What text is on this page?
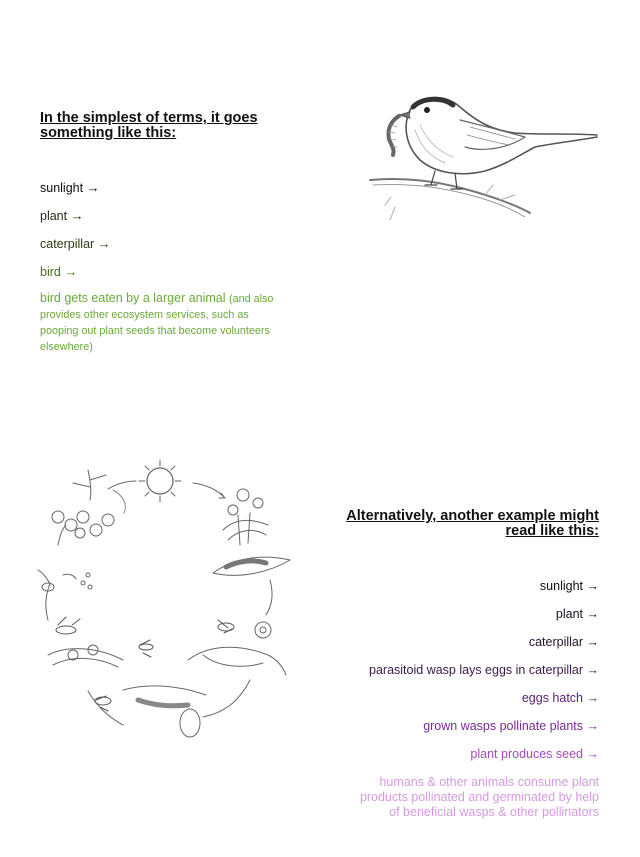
In the simplest of terms, it goes something like this:
sunlight →
plant →
caterpillar →
bird →
bird gets eaten by a larger animal (and also provides other ecosystem services, such as pooping out plant seeds that become volunteers elsewhere)
Alternatively, another example might read like this:
sunlight →
plant →
caterpillar →
parasitoid wasp lays eggs in caterpillar →
eggs hatch →
grown wasps pollinate plants →
plant produces seed →
humans & other animals consume plant products pollinated and germinated by help of beneficial wasps & other pollinators
